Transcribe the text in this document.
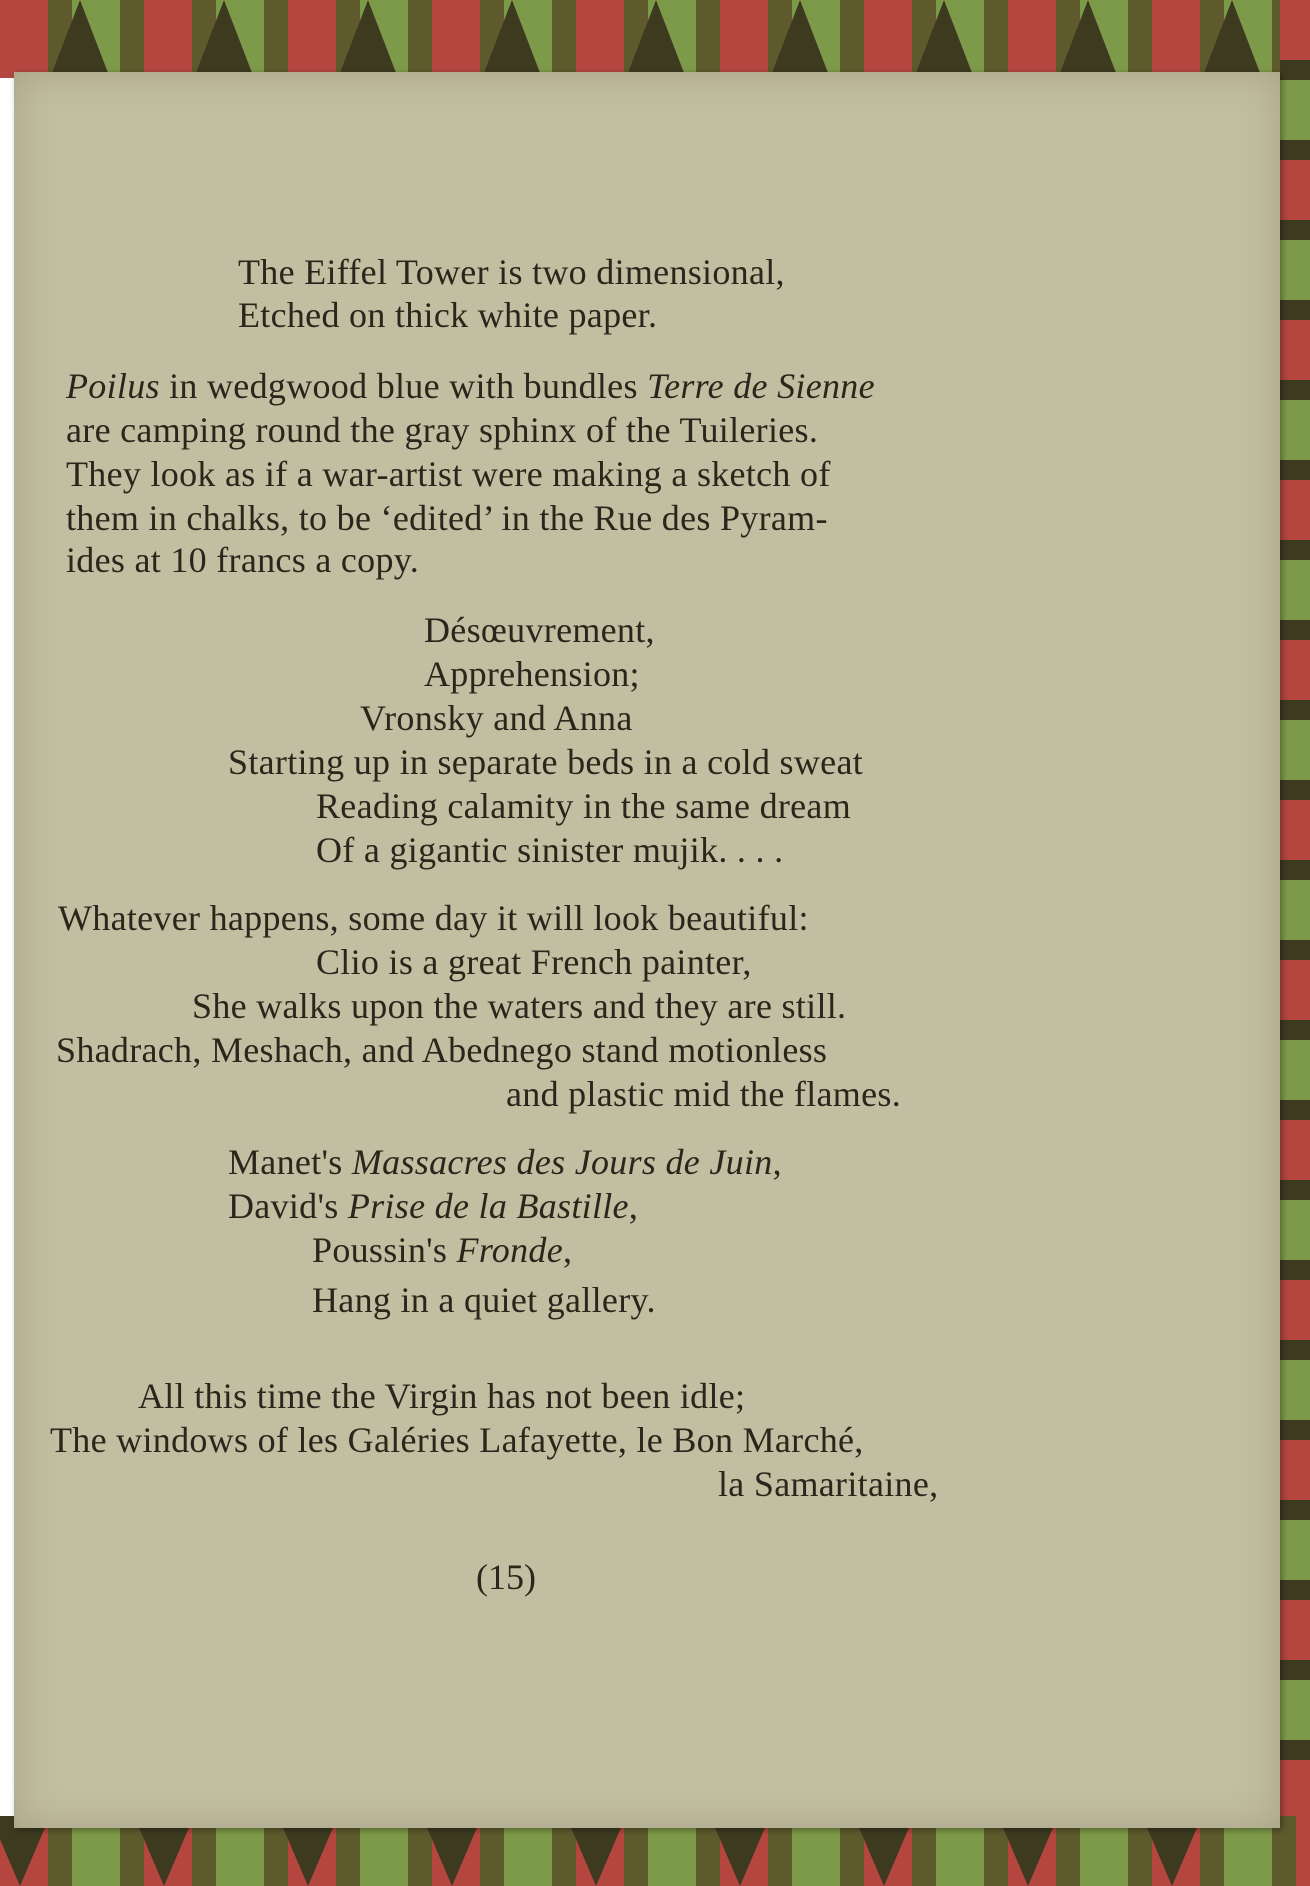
The Eiffel Tower is two dimensional,
Etched on thick white paper.
Poilus in wedgwood blue with bundles Terre de Sienne
are camping round the gray sphinx of the Tuileries.
They look as if a war-artist were making a sketch of
them in chalks, to be ‘edited’ in the Rue des Pyram-
ides at 10 francs a copy.
Désœuvrement,
Apprehension;
Vronsky and Anna
Starting up in separate beds in a cold sweat
Reading calamity in the same dream
Of a gigantic sinister mujik. . . .
Whatever happens, some day it will look beautiful:
Clio is a great French painter,
She walks upon the waters and they are still.
Shadrach, Meshach, and Abednego stand motionless
and plastic mid the flames.
Manet's Massacres des Jours de Juin,
David's Prise de la Bastille,
Poussin's Fronde,
Hang in a quiet gallery.
All this time the Virgin has not been idle;
The windows of les Galéries Lafayette, le Bon Marché,
la Samaritaine,
(15)
